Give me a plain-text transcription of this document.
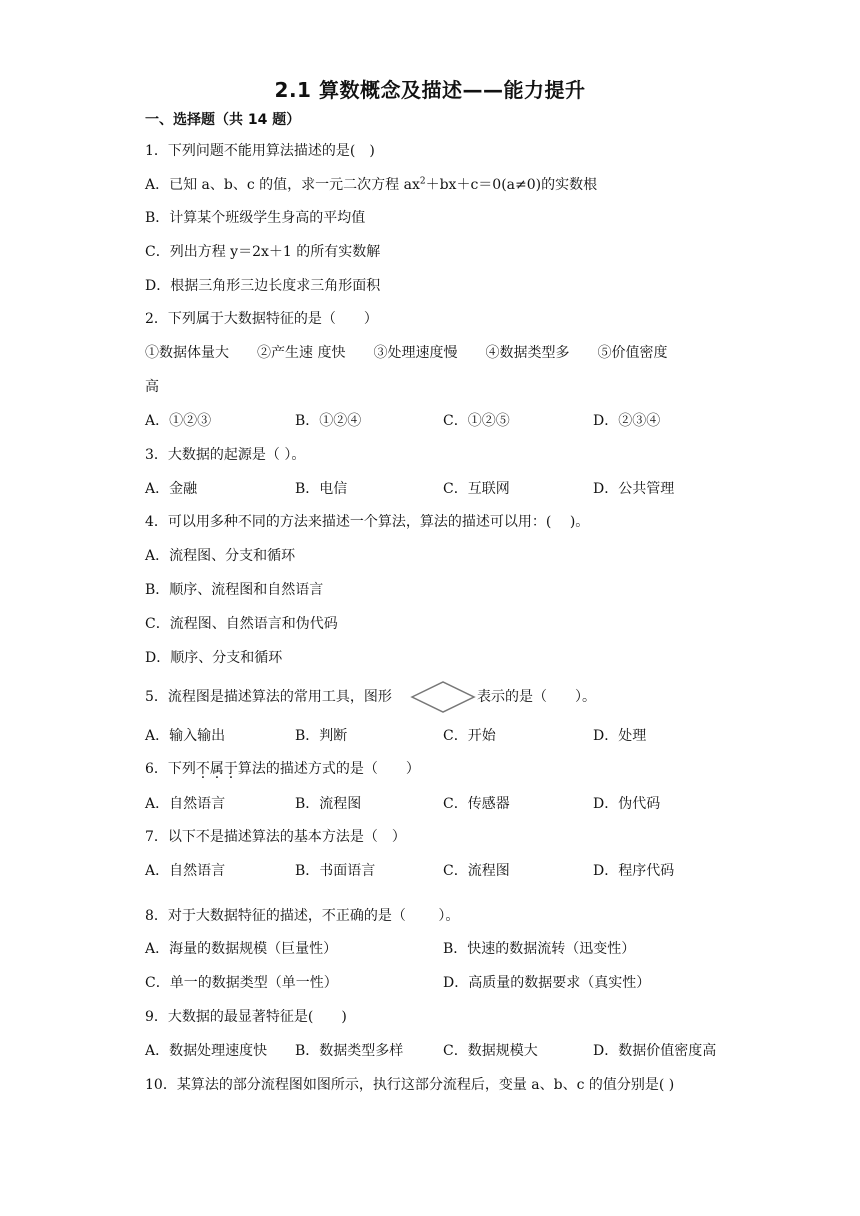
2.1 算数概念及描述——能力提升
一、选择题（共 14 题）
1．下列问题不能用算法描述的是(　)
A．已知 a、b、c 的值，求一元二次方程 $ax^2+bx+c=0(a\ne 0)$的实数根
B．计算某个班级学生身高的平均值
C．列出方程 y＝2x＋1 的所有实数解
D．根据三角形三边长度求三角形面积
2．下列属于大数据特征的是（　　）
①数据体量大　　②产生速 度快　　③处理速度慢　　④数据类型多　　⑤价值密度
高
A．①②③	B．①②④	C．①②⑤	D．②③④
3．大数据的起源是（ ）。
A．金融	B．电信	C．互联网	D．公共管理
4．可以用多种不同的方法来描述一个算法，算法的描述可以用：(　 )。
A．流程图、分支和循环
B．顺序、流程图和自然语言
C．流程图、自然语言和伪代码
D．顺序、分支和循环
5．流程图是描述算法的常用工具，图形	表示的是（　　）。
A．输入输出	B．判断	C．开始	D．处理
6．下列不属于算法的描述方式的是（　　）
A．自然语言	B．流程图	C．传感器	D．伪代码
7．以下不是描述算法的基本方法是（　）
A．自然语言	B．书面语言	C．流程图	D．程序代码
8．对于大数据特征的描述，不正确的是（　　 ）。
A．海量的数据规模（巨量性）	B．快速的数据流转（迅变性）
C．单一的数据类型（单一性）	D．高质量的数据要求（真实性）
9．大数据的最显著特征是(　　)
A．数据处理速度快 B．数据类型多样	C．数据规模大	D．数据价值密度高
10．某算法的部分流程图如图所示，执行这部分流程后，变量 a、b、c 的值分别是( )
